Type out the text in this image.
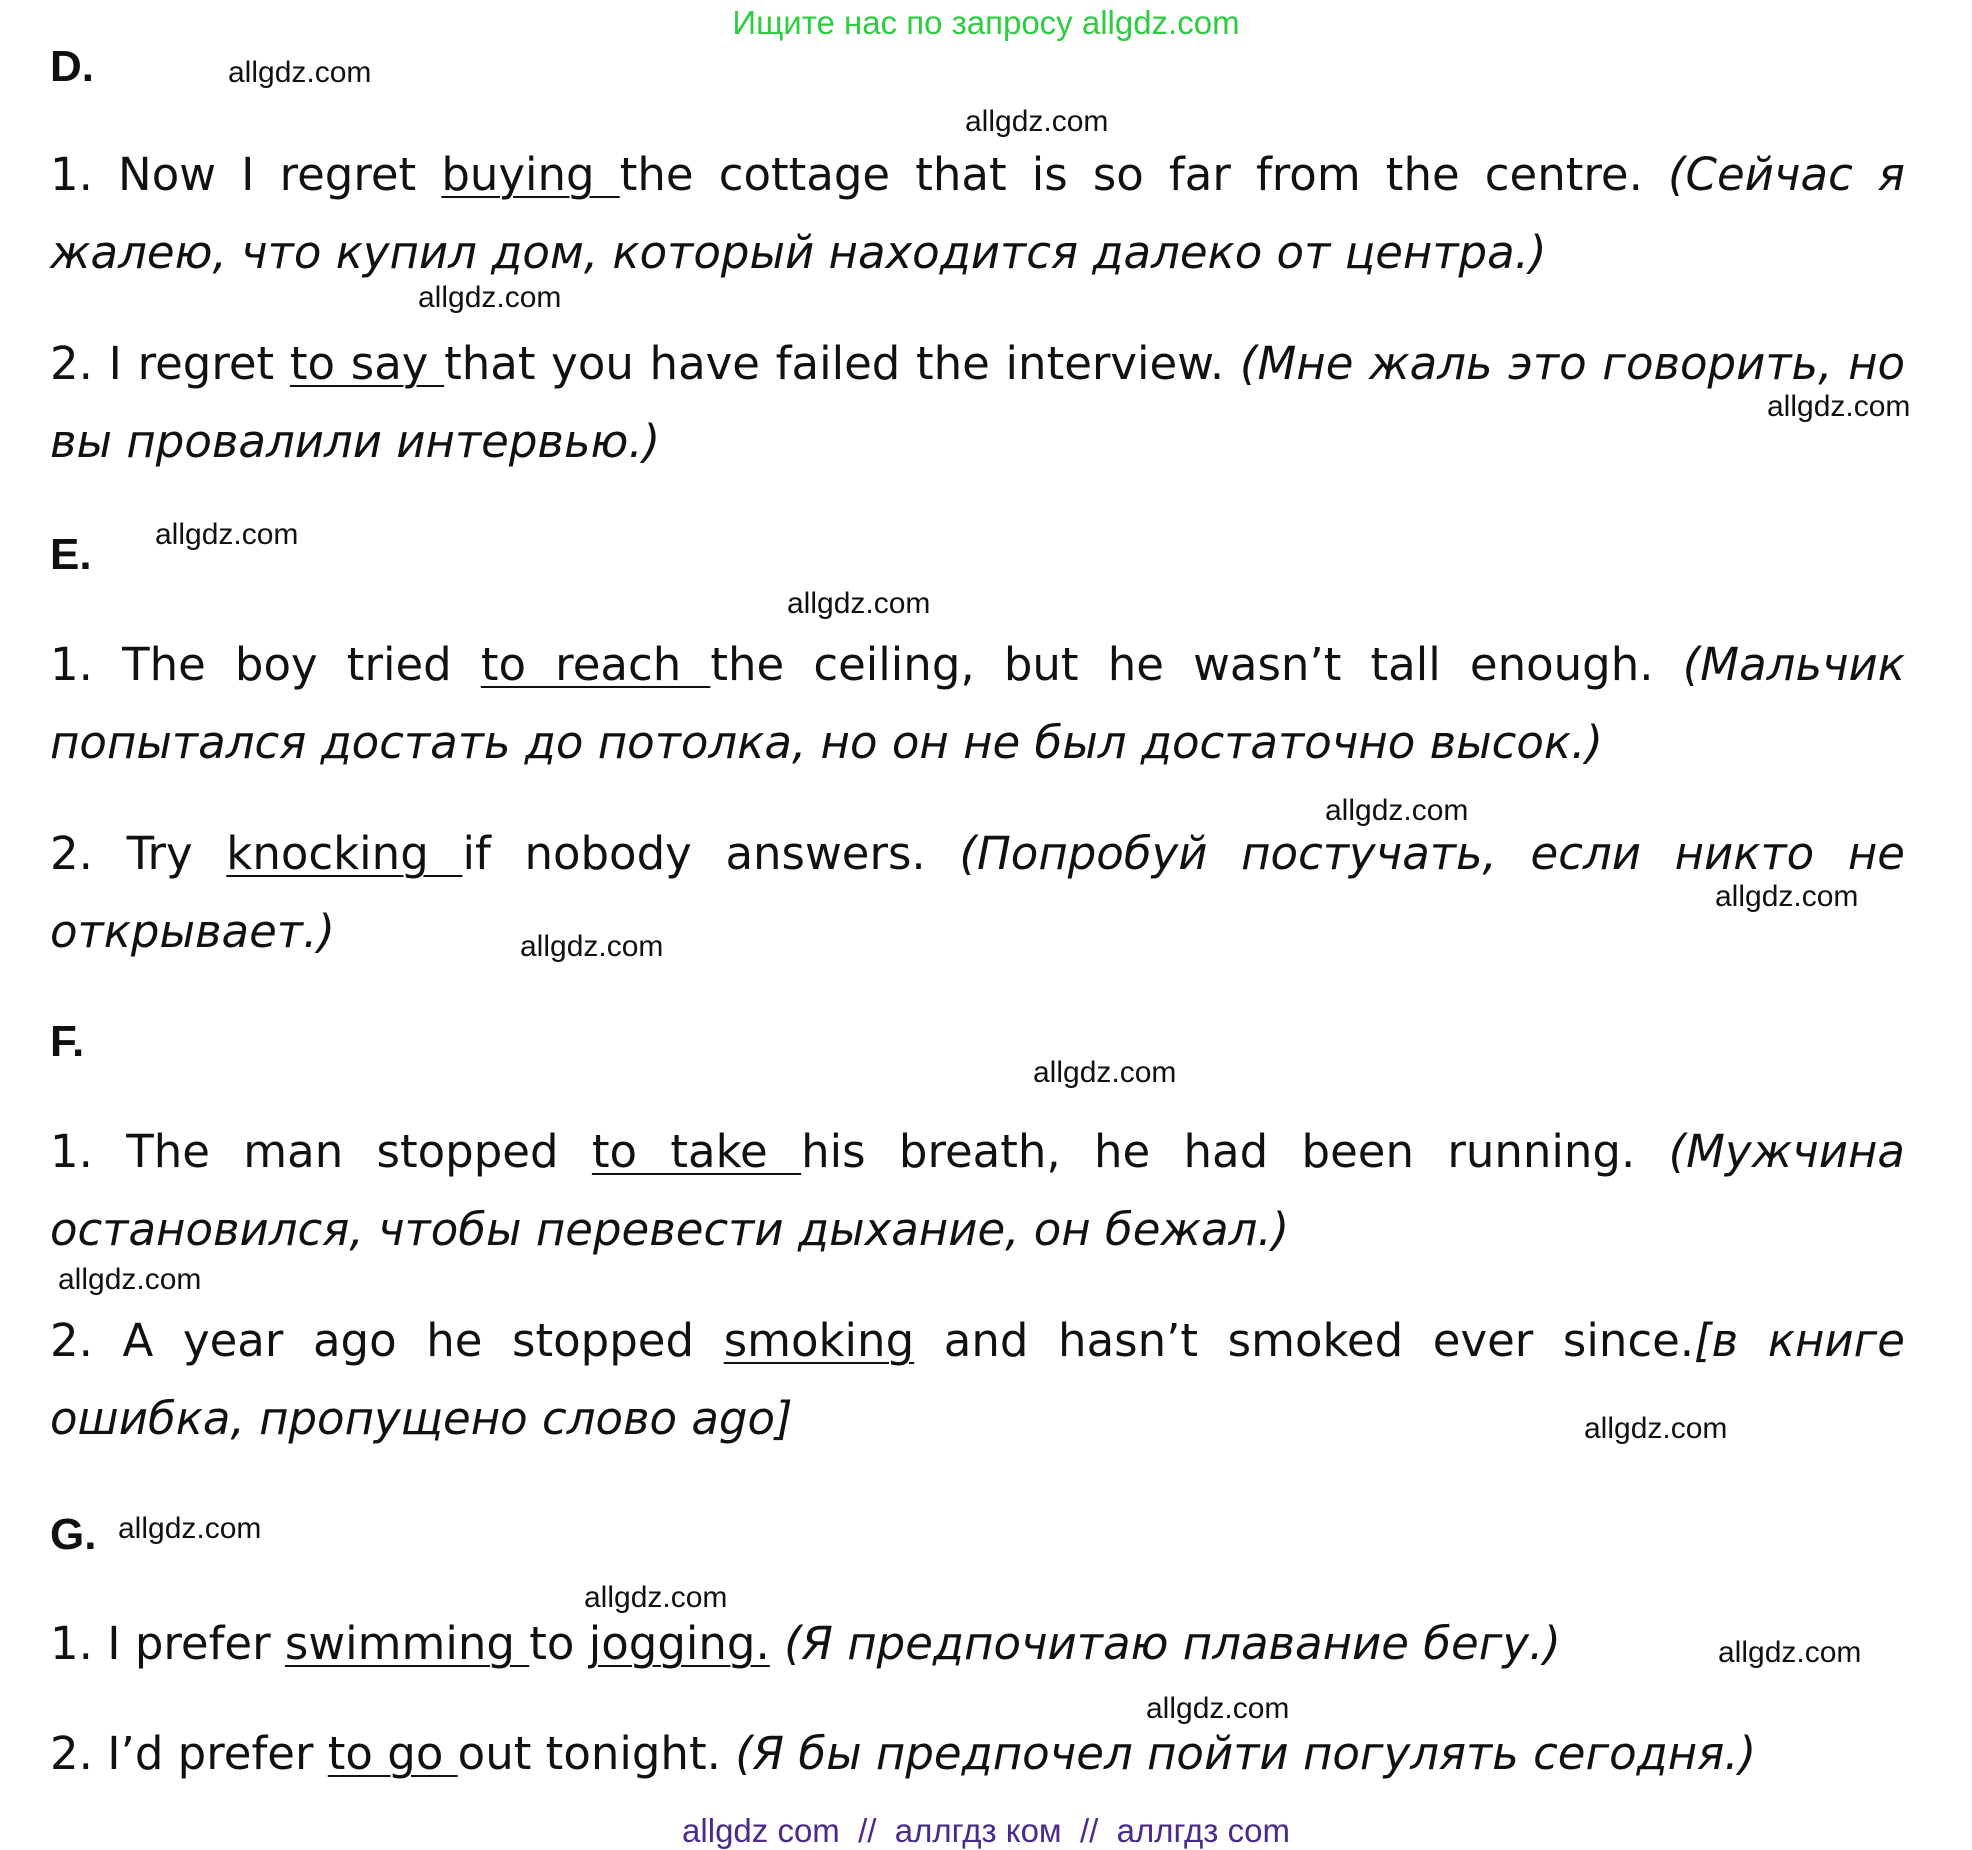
Ищите нас по запросу allgdz.com
D.
1. Now I regret buying the cottage that is so far from the centre. (Сейчас я жалею, что купил дом, который находится далеко от центра.)
2. I regret to say that you have failed the interview. (Мне жаль это говорить, но вы провалили интервью.)
E.
1. The boy tried to reach the ceiling, but he wasn’t tall enough. (Мальчик попытался достать до потолка, но он не был достаточно высок.)
2. Try knocking if nobody answers. (Попробуй постучать, если никто не открывает.)
F.
1. The man stopped to take his breath, he had been running. (Мужчина остановился, чтобы перевести дыхание, он бежал.)
2. A year ago he stopped smoking and hasn’t smoked ever since.[в книге ошибка, пропущено слово ago]
G.
1. I prefer swimming to jogging. (Я предпочитаю плавание бегу.)
2. I’d prefer to go out tonight. (Я бы предпочел пойти погулять сегодня.)
allgdz.com
allgdz.com
allgdz.com
allgdz.com
allgdz.com
allgdz.com
allgdz.com
allgdz.com
allgdz.com
allgdz.com
allgdz.com
allgdz.com
allgdz.com
allgdz.com
allgdz.com
allgdz.com
allgdz com  //  аллгдз ком  //  аллгдз com
